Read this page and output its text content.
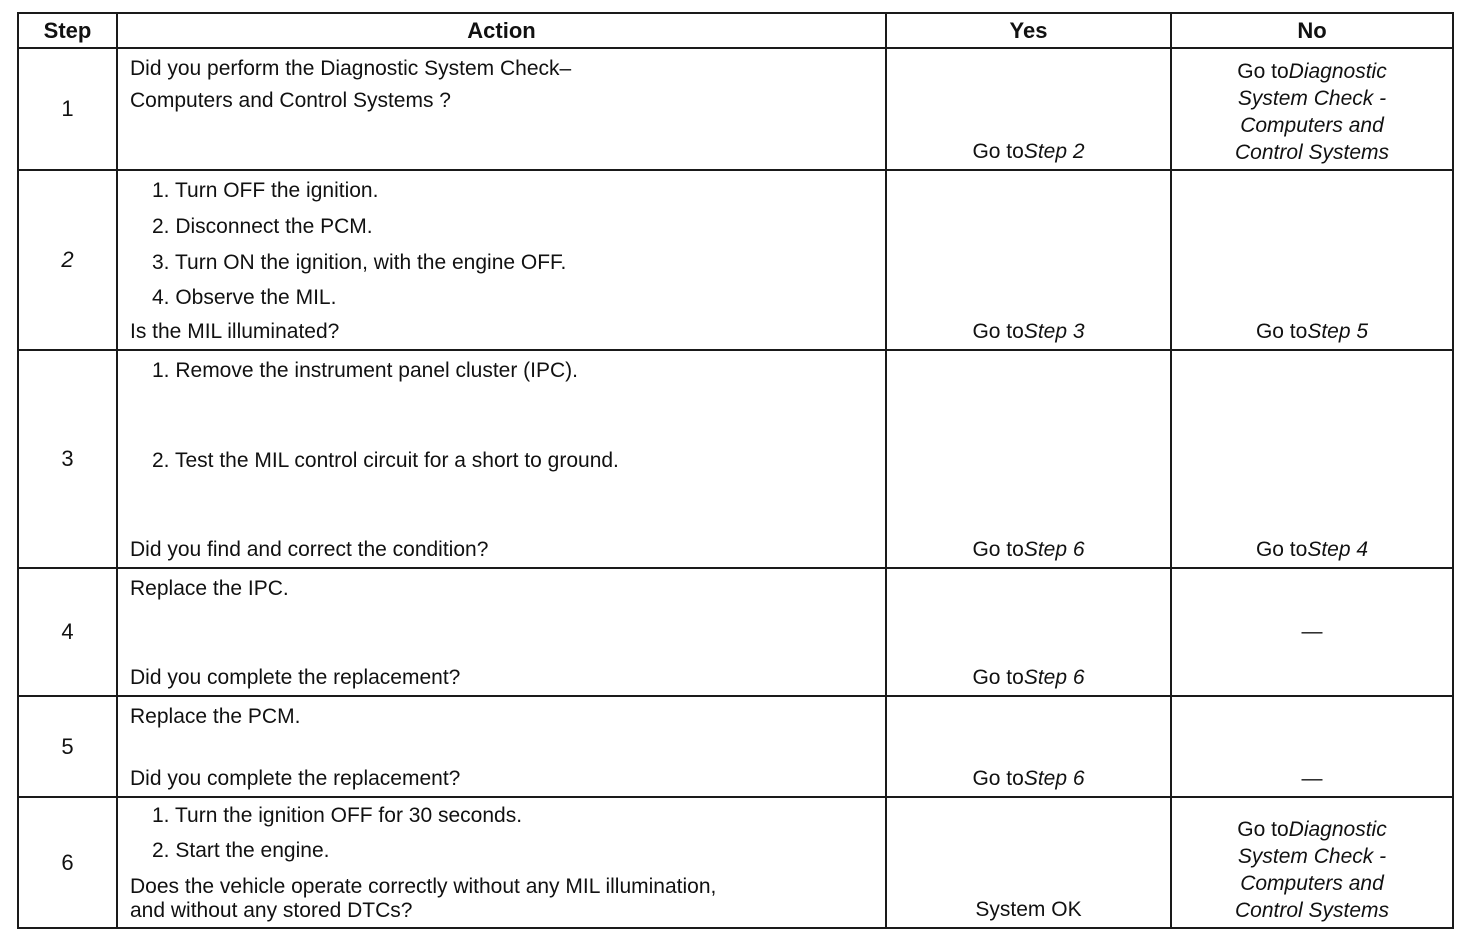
Step	Action	Yes	No
1	Did you perform the Diagnostic System Check–
Computers and Control Systems ?	Go toStep 2	Go toDiagnostic
System Check -
Computers and
Control Systems

2	1. Turn OFF the ignition.
2. Disconnect the PCM.
3. Turn ON the ignition, with the engine OFF.
4. Observe the MIL.
Is the MIL illuminated?	Go toStep 3	Go toStep 5

3	1. Remove the instrument panel cluster (IPC).
2. Test the MIL control circuit for a short to ground.
Did you find and correct the condition?	Go toStep 6	Go toStep 4

4	Replace the IPC.
Did you complete the replacement?	Go toStep 6	—
5	Replace the PCM.
Did you complete the replacement?	Go toStep 6	—

6	1. Turn the ignition OFF for 30 seconds.
2. Start the engine.
Does the vehicle operate correctly without any MIL illumination,
and without any stored DTCs?	System OK	Go toDiagnostic
System Check -
Computers and
Control Systems
